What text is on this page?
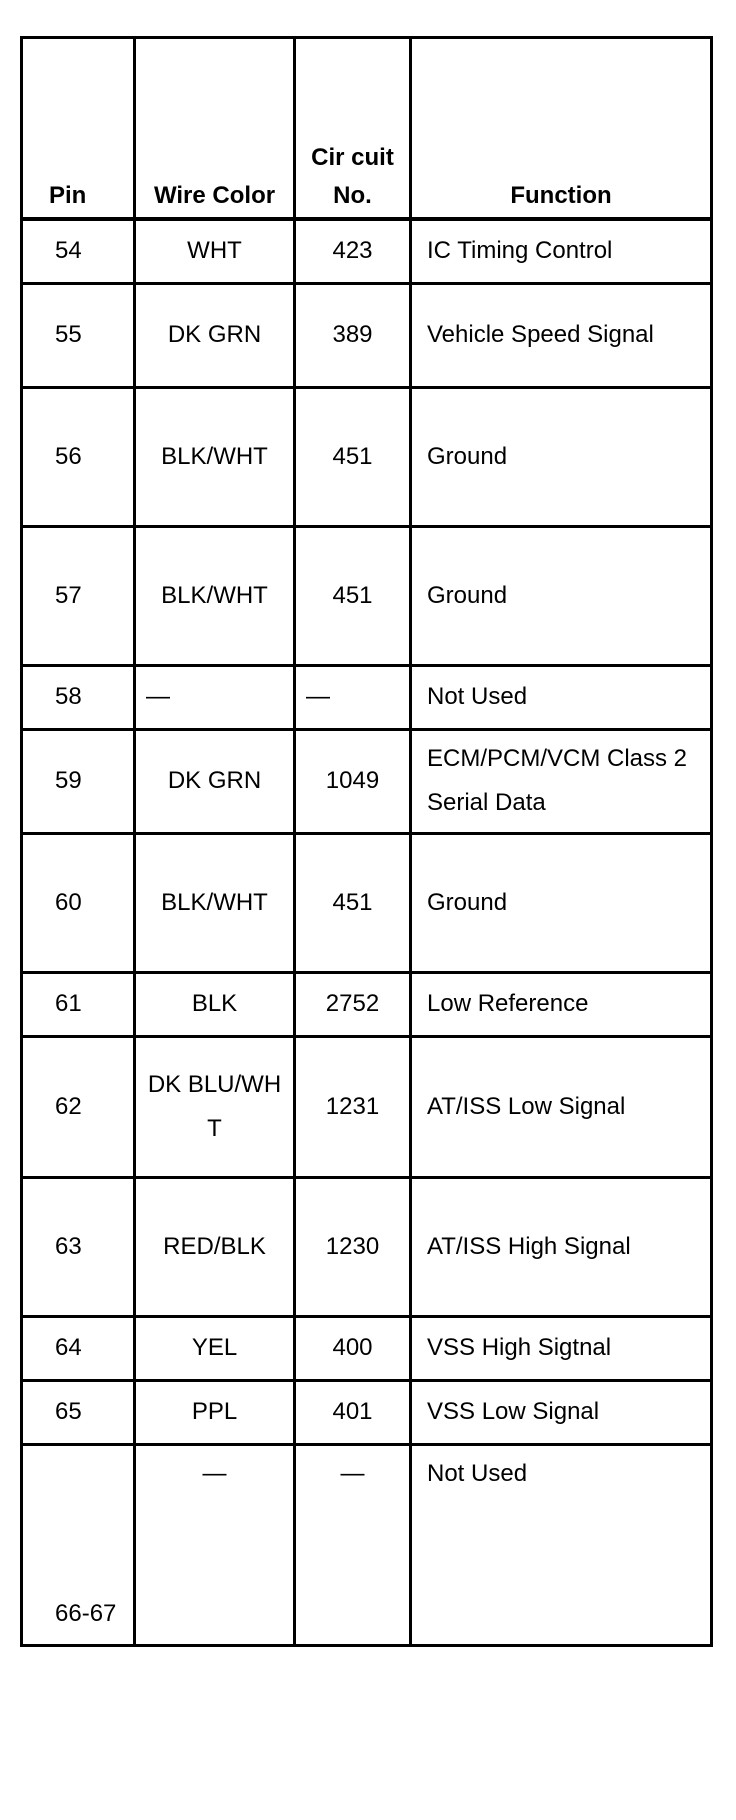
Pin	Wire Color	Cir cuit No.	Function
54	WHT	423	IC Timing Control
55	DK GRN	389	Vehicle Speed Signal
56	BLK/WHT	451	Ground
57	BLK/WHT	451	Ground
58	—	—	Not Used
59	DK GRN	1049	ECM/PCM/VCM Class 2 Serial Data
60	BLK/WHT	451	Ground
61	BLK	2752	Low Reference
62	DK BLU/WHT	1231	AT/ISS Low Signal
63	RED/BLK	1230	AT/ISS High Signal
64	YEL	400	VSS High Sigtnal
65	PPL	401	VSS Low Signal
66-67	—	—	Not Used
